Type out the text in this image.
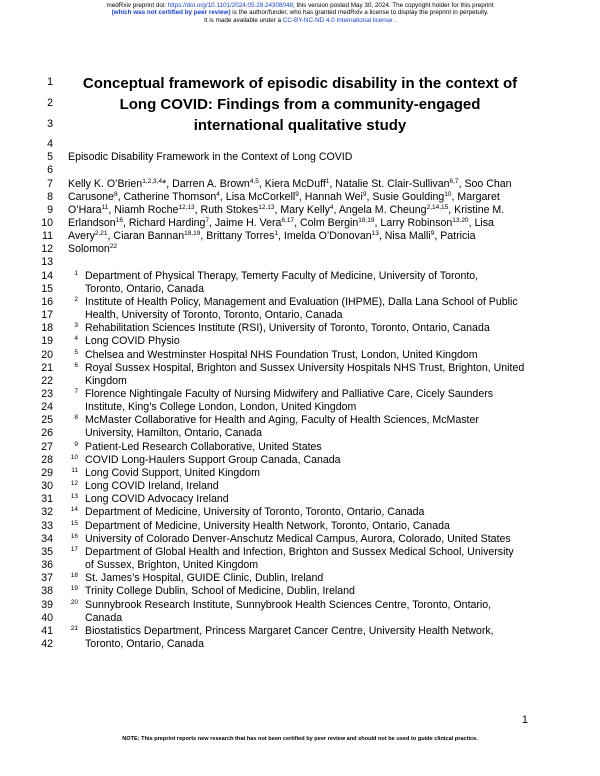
medRxiv preprint doi: https://doi.org/10.1101/2024.05.28.24308048; this version posted May 30, 2024. The copyright holder for this preprint
(which was not certified by peer review) is the author/funder, who has granted medRxiv a license to display the preprint in perpetuity.
It is made available under a CC-BY-NC-ND 4.0 International license .
1
2
3
4
5
6
7
8
9
10
11
12
13
14
15
16
17
18
19
20
21
22
23
24
25
26
27
28
29
30
31
32
33
34
35
36
37
38
39
40
41
42
Conceptual framework of episodic disability in the context of
Long COVID: Findings from a community-engaged
international qualitative study
Episodic Disability Framework in the Context of Long COVID
Kelly K. O’Brien$^{1,2,3,4}$*, Darren A. Brown$^{4,5}$, Kiera McDuff$^1$, Natalie St. Clair-Sullivan$^{6,7}$, Soo Chan
Carusone$^8$, Catherine Thomson$^4$, Lisa McCorkell$^9$, Hannah Wei$^9$, Susie Goulding$^{10}$, Margaret
O’Hara$^{11}$, Niamh Roche$^{12,13}$, Ruth Stokes$^{12,13}$, Mary Kelly$^4$, Angela M. Cheung$^{2,14,15}$, Kristine M.
Erlandson$^{16}$, Richard Harding$^7$, Jaime H. Vera$^{6,17}$, Colm Bergin$^{18,19}$, Larry Robinson$^{13,20}$, Lisa
Avery$^{2,21}$, Ciaran Bannan$^{18,19}$, Brittany Torres$^1$, Imelda O’Donovan$^{13}$, Nisa Malli$^9$, Patricia
Solomon$^{22}$
1 Department of Physical Therapy, Temerty Faculty of Medicine, University of Toronto,
Toronto, Ontario, Canada
2 Institute of Health Policy, Management and Evaluation (IHPME), Dalla Lana School of Public
Health, University of Toronto, Toronto, Ontario, Canada
3 Rehabilitation Sciences Institute (RSI), University of Toronto, Toronto, Ontario, Canada
4 Long COVID Physio
5 Chelsea and Westminster Hospital NHS Foundation Trust, London, United Kingdom
6 Royal Sussex Hospital, Brighton and Sussex University Hospitals NHS Trust, Brighton, United
Kingdom
7 Florence Nightingale Faculty of Nursing Midwifery and Palliative Care, Cicely Saunders
Institute, King’s College London, London, United Kingdom
8 McMaster Collaborative for Health and Aging, Faculty of Health Sciences, McMaster
University, Hamilton, Ontario, Canada
9 Patient-Led Research Collaborative, United States
10 COVID Long-Haulers Support Group Canada, Canada
11 Long Covid Support, United Kingdom
12 Long COVID Ireland, Ireland
13 Long COVID Advocacy Ireland
14 Department of Medicine, University of Toronto, Toronto, Ontario, Canada
15 Department of Medicine, University Health Network, Toronto, Ontario, Canada
16 University of Colorado Denver-Anschutz Medical Campus, Aurora, Colorado, United States
17 Department of Global Health and Infection, Brighton and Sussex Medical School, University
of Sussex, Brighton, United Kingdom
18 St. James’s Hospital, GUIDE Clinic, Dublin, Ireland
19 Trinity College Dublin, School of Medicine, Dublin, Ireland
20 Sunnybrook Research Institute, Sunnybrook Health Sciences Centre, Toronto, Ontario,
Canada
21 Biostatistics Department, Princess Margaret Cancer Centre, University Health Network,
Toronto, Ontario, Canada
1
NOTE: This preprint reports new research that has not been certified by peer review and should not be used to guide clinical practice.
